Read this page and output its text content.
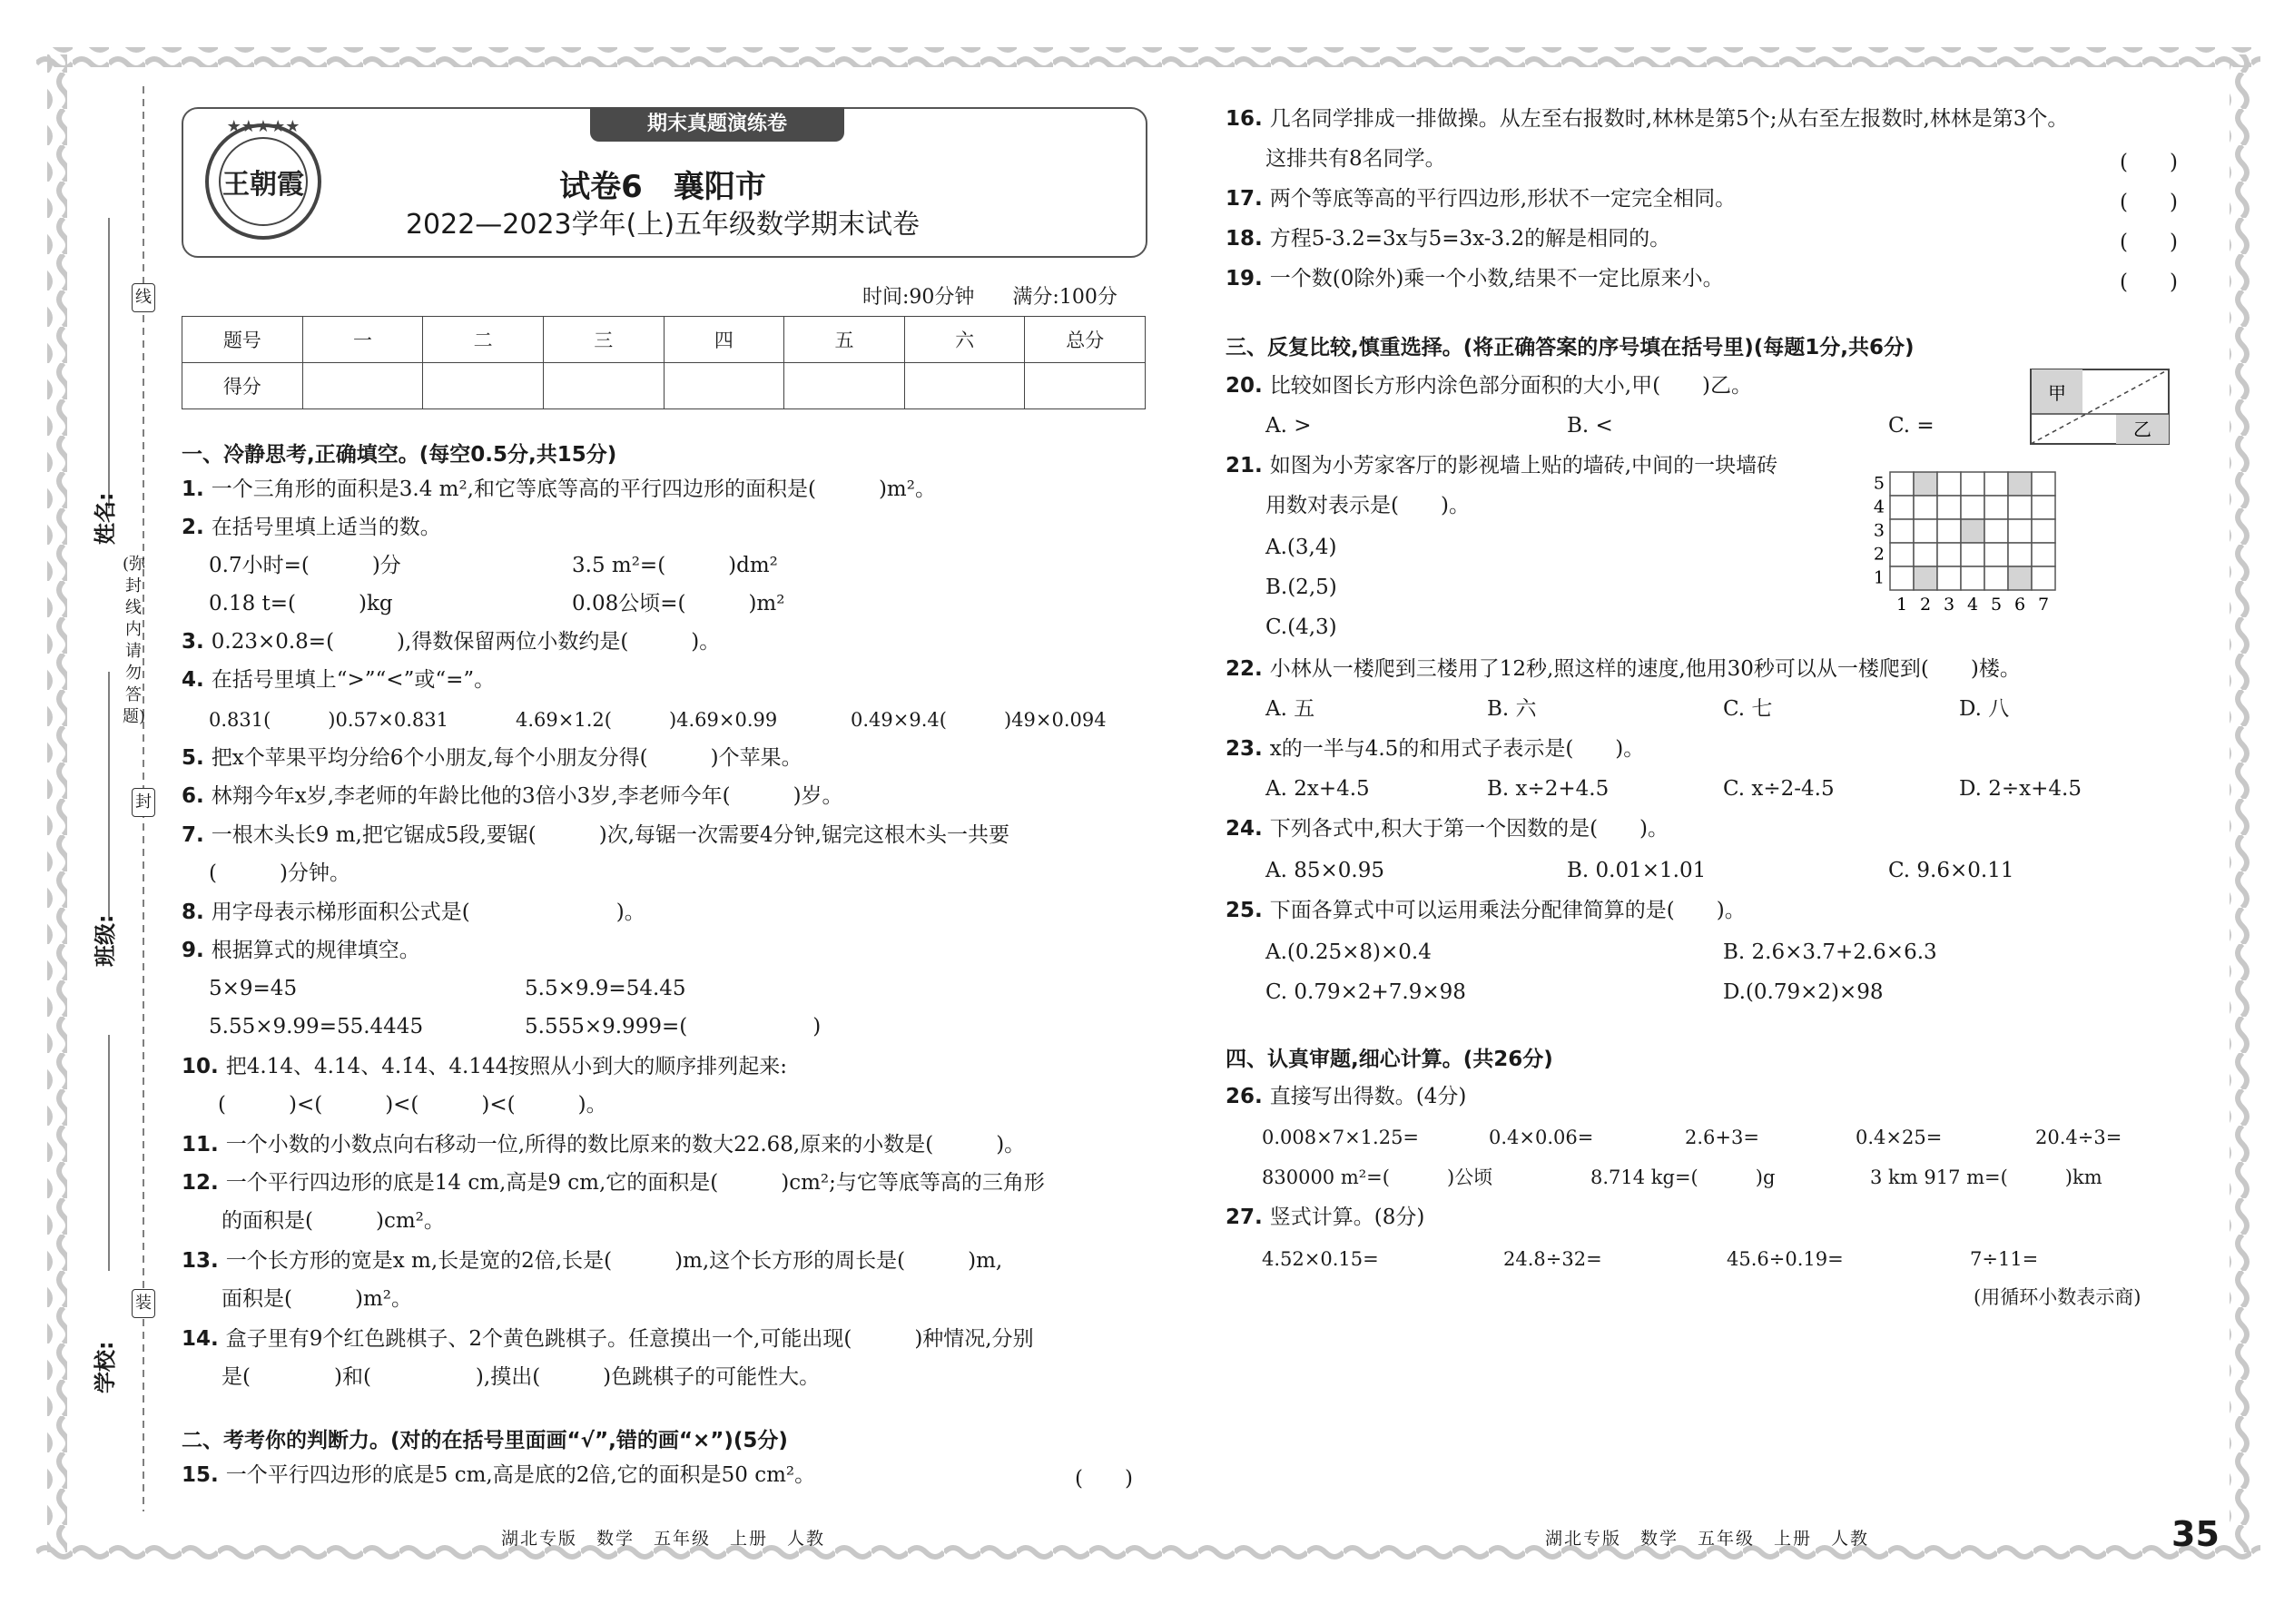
姓名:
班级:
学校:
线
封
装
(弥封线内请勿答题)
期末真题演练卷
★★★★★
王朝霞	试卷6　襄阳市
2022—2023学年(上)五年级数学期末试卷
时间:90分钟 满分:100分
题号	一	二	三	四	五	六	总分
得分							
一、冷静思考,正确填空。(每空0.5分,共15分)
1. 一个三角形的面积是3.4 m²,和它等底等高的平行四边形的面积是(　　　)m²。
2. 在括号里填上适当的数。
0.7小时=(　　　)分	3.5 m²=(　　　)dm²
0.18 t=(　　　)kg	0.08公顷=(　　　)m²
3. 0.23×0.8=(　　　),得数保留两位小数约是(　　　)。
4. 在括号里填上“>”“<”或“=”。
0.831(　　　)0.57×0.831	4.69×1.2(　　　)4.69×0.99	0.49×9.4(　　　)49×0.094
5. 把x个苹果平均分给6个小朋友,每个小朋友分得(　　　)个苹果。
6. 林翔今年x岁,李老师的年龄比他的3倍小3岁,李老师今年(　　　)岁。
7. 一根木头长9 m,把它锯成5段,要锯(　　　)次,每锯一次需要4分钟,锯完这根木头一共要
(　　　)分钟。
8. 用字母表示梯形面积公式是(　　　　　　　)。
9. 根据算式的规律填空。
5×9=45	5.5×9.9=54.45
5.55×9.99=55.4445	5.555×9.999=(　　　　　　)
10. 把4.14、4.14̇、4.1̇4̇、4.144按照从小到大的顺序排列起来:
(　　　)<(　　　)<(　　　)<(　　　)。
11. 一个小数的小数点向右移动一位,所得的数比原来的数大22.68,原来的小数是(　　　)。
12. 一个平行四边形的底是14 cm,高是9 cm,它的面积是(　　　)cm²;与它等底等高的三角形
的面积是(　　　)cm²。
13. 一个长方形的宽是x m,长是宽的2倍,长是(　　　)m,这个长方形的周长是(　　　)m,
面积是(　　　)m²。
14. 盒子里有9个红色跳棋子、2个黄色跳棋子。任意摸出一个,可能出现(　　　)种情况,分别
是(　　　　)和(　　　　　),摸出(　　　)色跳棋子的可能性大。
二、考考你的判断力。(对的在括号里面画“√”,错的画“×”)(5分)
15. 一个平行四边形的底是5 cm,高是底的2倍,它的面积是50 cm²。	(　　)
湖北专版　数学　五年级　上册　人教
16. 几名同学排成一排做操。从左至右报数时,林林是第5个;从右至左报数时,林林是第3个。
这排共有8名同学。	(　　)
17. 两个等底等高的平行四边形,形状不一定完全相同。	(　　)
18. 方程5-3.2=3x与5=3x-3.2的解是相同的。	(　　)
19. 一个数(0除外)乘一个小数,结果不一定比原来小。	(　　)
三、反复比较,慎重选择。(将正确答案的序号填在括号里)(每题1分,共6分)
20. 比较如图长方形内涂色部分面积的大小,甲(　　)乙。
A. >	B. <	C. =
甲
乙
21. 如图为小芳家客厅的影视墙上贴的墙砖,中间的一块墙砖
用数对表示是(　　)。
A.(3,4)
B.(2,5)
C.(4,3)
5
4
3
2
1
1 2 3 4 5 6 7
22. 小林从一楼爬到三楼用了12秒,照这样的速度,他用30秒可以从一楼爬到(　　)楼。
A. 五	B. 六	C. 七	D. 八
23. x的一半与4.5的和用式子表示是(　　)。
A. 2x+4.5	B. x÷2+4.5	C. x÷2-4.5	D. 2÷x+4.5
24. 下列各式中,积大于第一个因数的是(　　)。
A. 85×0.95	B. 0.01×1.01	C. 9.6×0.11
25. 下面各算式中可以运用乘法分配律简算的是(　　)。
A.(0.25×8)×0.4	B. 2.6×3.7+2.6×6.3
C. 0.79×2+7.9×98	D.(0.79×2)×98
四、认真审题,细心计算。(共26分)
26. 直接写出得数。(4分)
0.008×7×1.25=	0.4×0.06=	2.6+3=	0.4×25=	20.4÷3=
830000 m²=(　　　)公顷	8.714 kg=(　　　)g	3 km 917 m=(　　　)km
27. 竖式计算。(8分)
4.52×0.15=	24.8÷32=	45.6÷0.19=	7÷11=
(用循环小数表示商)
湖北专版　数学　五年级　上册　人教	35
